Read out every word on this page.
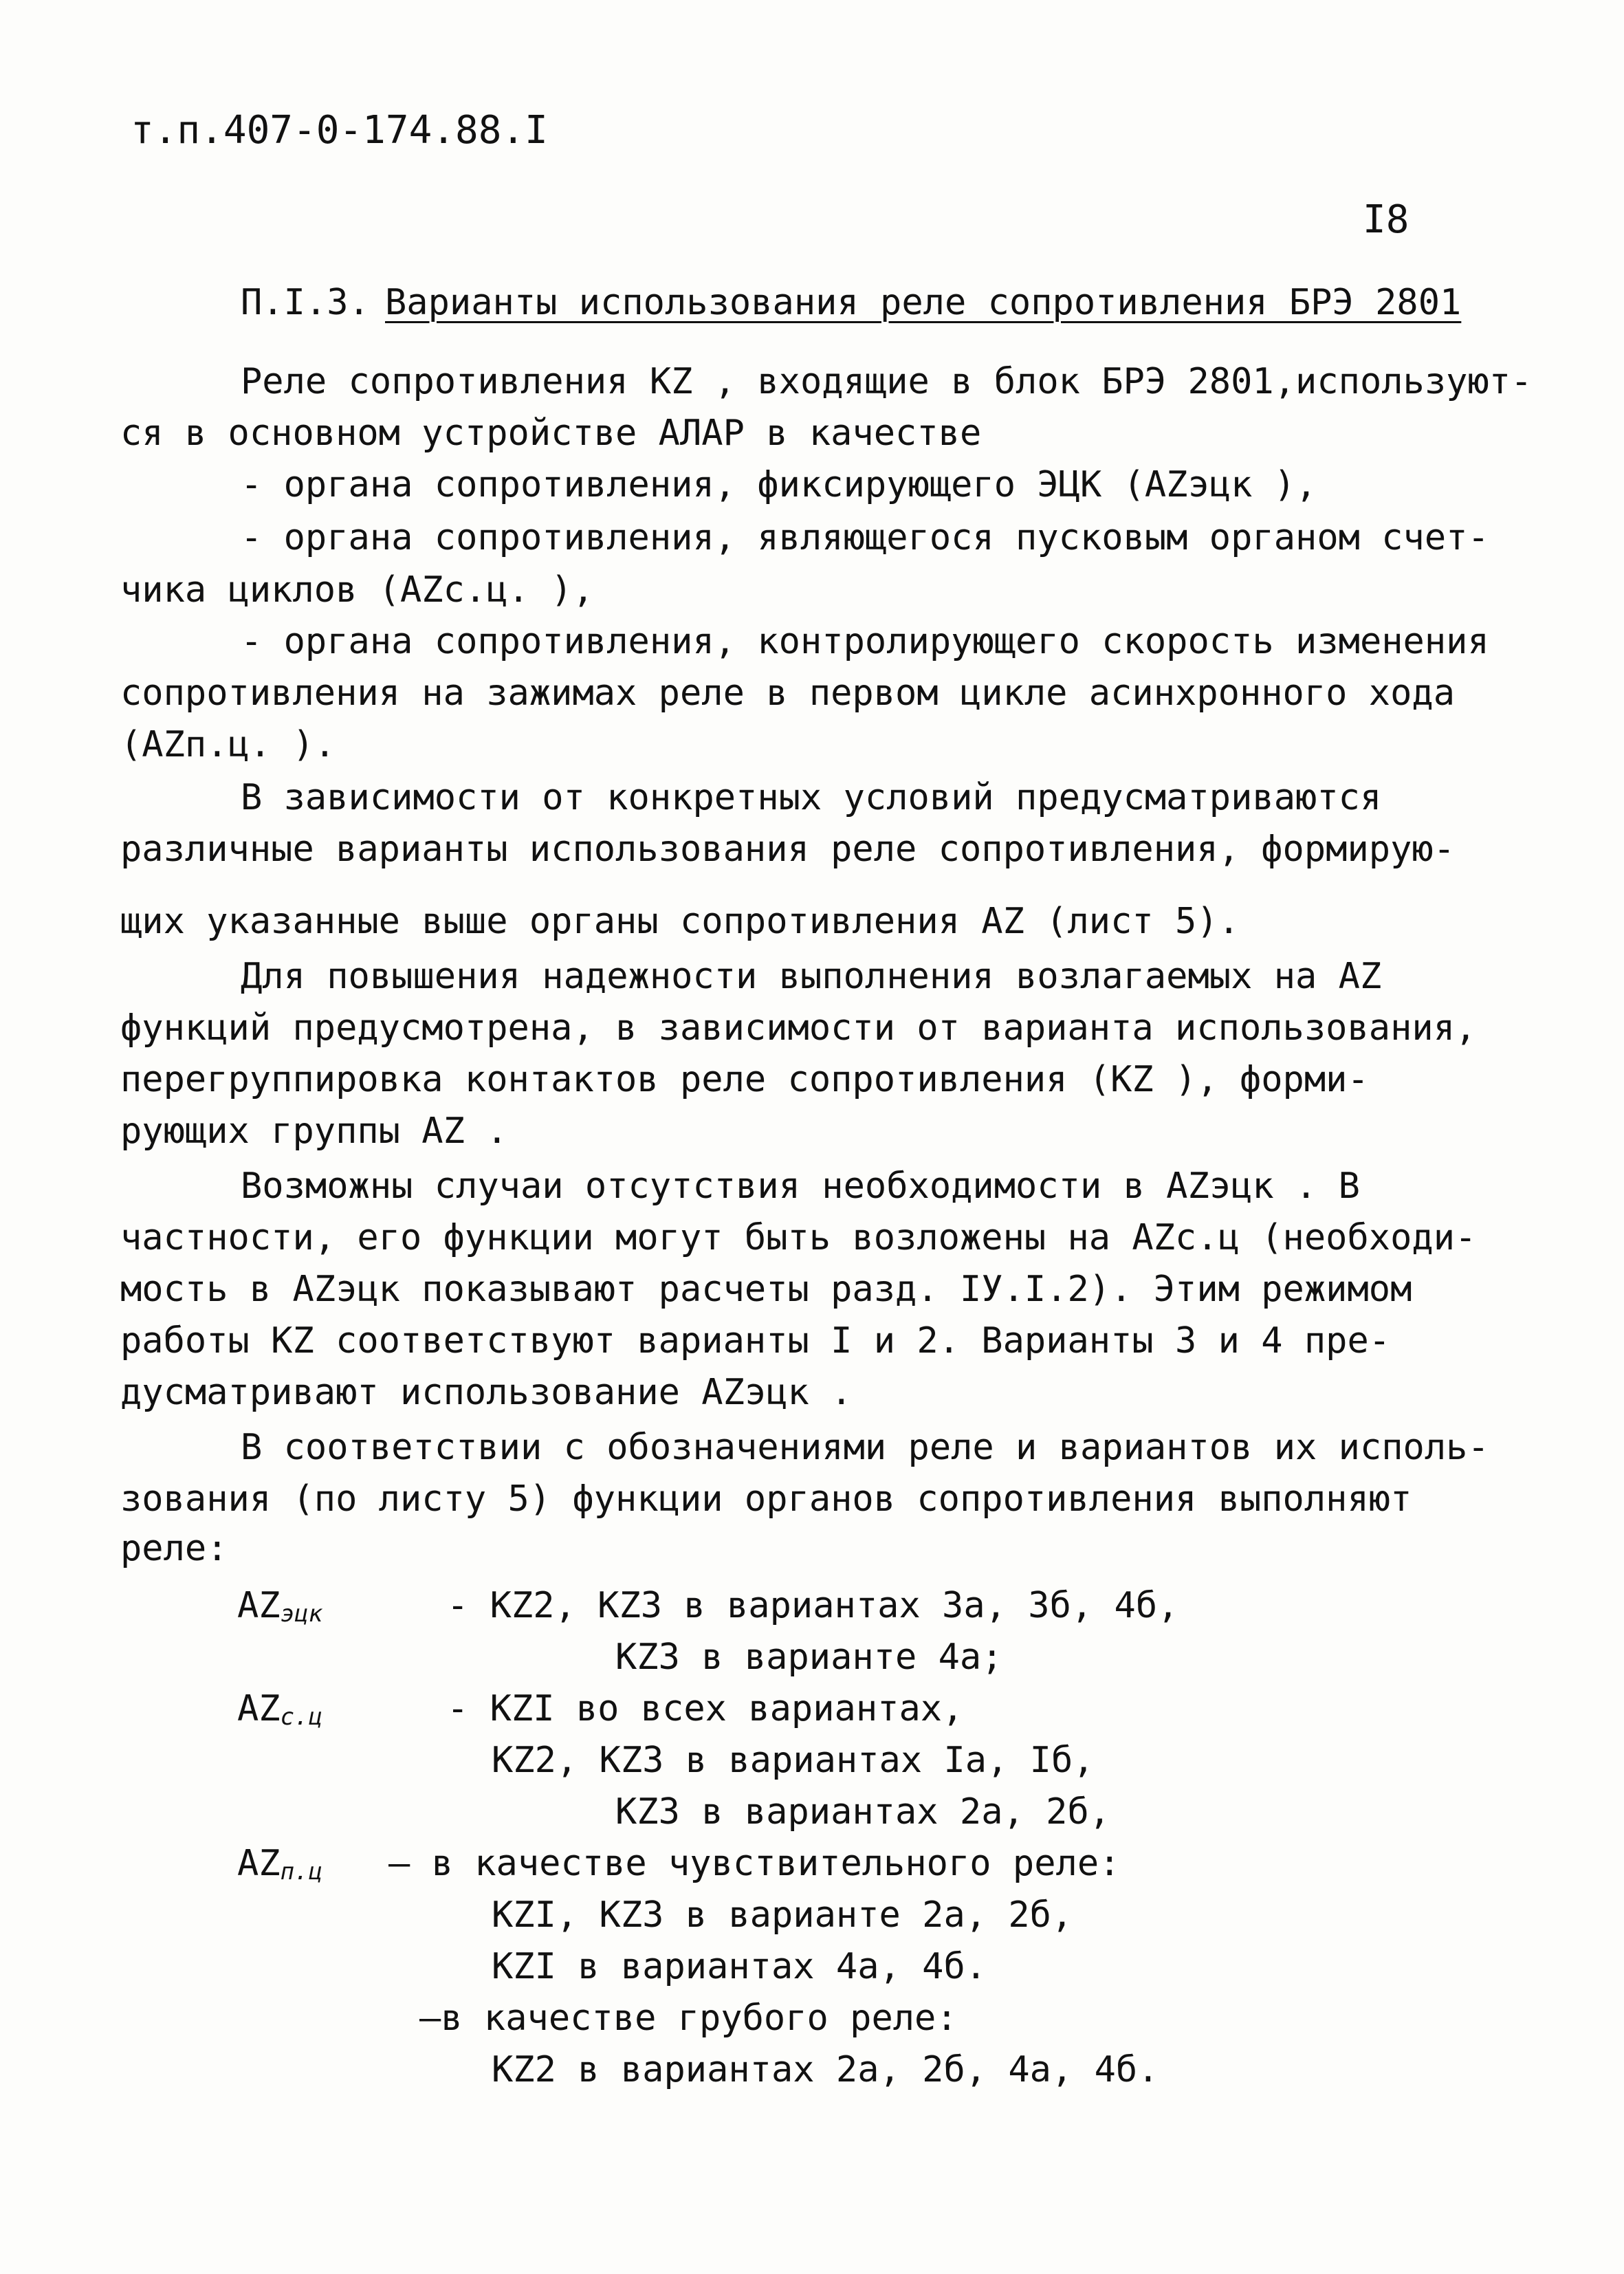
т.п.407-0-174.88.I
I8
П.I.3. Варианты использования реле сопротивления БРЭ 2801
Реле сопротивления KZ , входящие в блок БРЭ 2801,используют-
ся в основном устройстве АЛАР в качестве
- органа сопротивления, фиксирующего ЭЦК (AZэцк ),
- органа сопротивления, являющегося пусковым органом счет-
чика циклов (AZс.ц. ),
- органа сопротивления, контролирующего скорость изменения
сопротивления на зажимах реле в первом цикле асинхронного хода
(AZп.ц. ).
В зависимости от конкретных условий предусматриваются
различные варианты использования реле сопротивления, формирую-
щих указанные выше органы сопротивления AZ (лист 5).
Для повышения надежности выполнения возлагаемых на AZ
функций предусмотрена, в зависимости от варианта использования,
перегруппировка контактов реле сопротивления (KZ ), форми-
рующих группы AZ .
Возможны случаи отсутствия необходимости в AZэцк . В
частности, его функции могут быть возложены на AZс.ц (необходи-
мость в AZэцк показывают расчеты разд. IУ.I.2). Этим режимом
работы KZ соответствуют варианты I и 2. Варианты 3 и 4 пре-
дусматривают использование AZэцк .
В соответствии с обозначениями реле и вариантов их исполь-
зования (по листу 5) функции органов сопротивления выполняют
реле:
$AZ_{эцк}$
$AZ_{с.ц}$
$AZ_{п.ц}$
- KZ2, KZ3 в вариантах 3а, 3б, 4б,
KZ3 в варианте 4а;
- KZI во всех вариантах,
KZ2, KZ3 в вариантах Iа, Iб,
KZ3 в вариантах 2а, 2б,
— в качестве чувствительного реле:
KZI, KZ3 в варианте 2а, 2б,
KZI в вариантах 4а, 4б.
—в качестве грубого реле:
KZ2 в вариантах 2а, 2б, 4а, 4б.
